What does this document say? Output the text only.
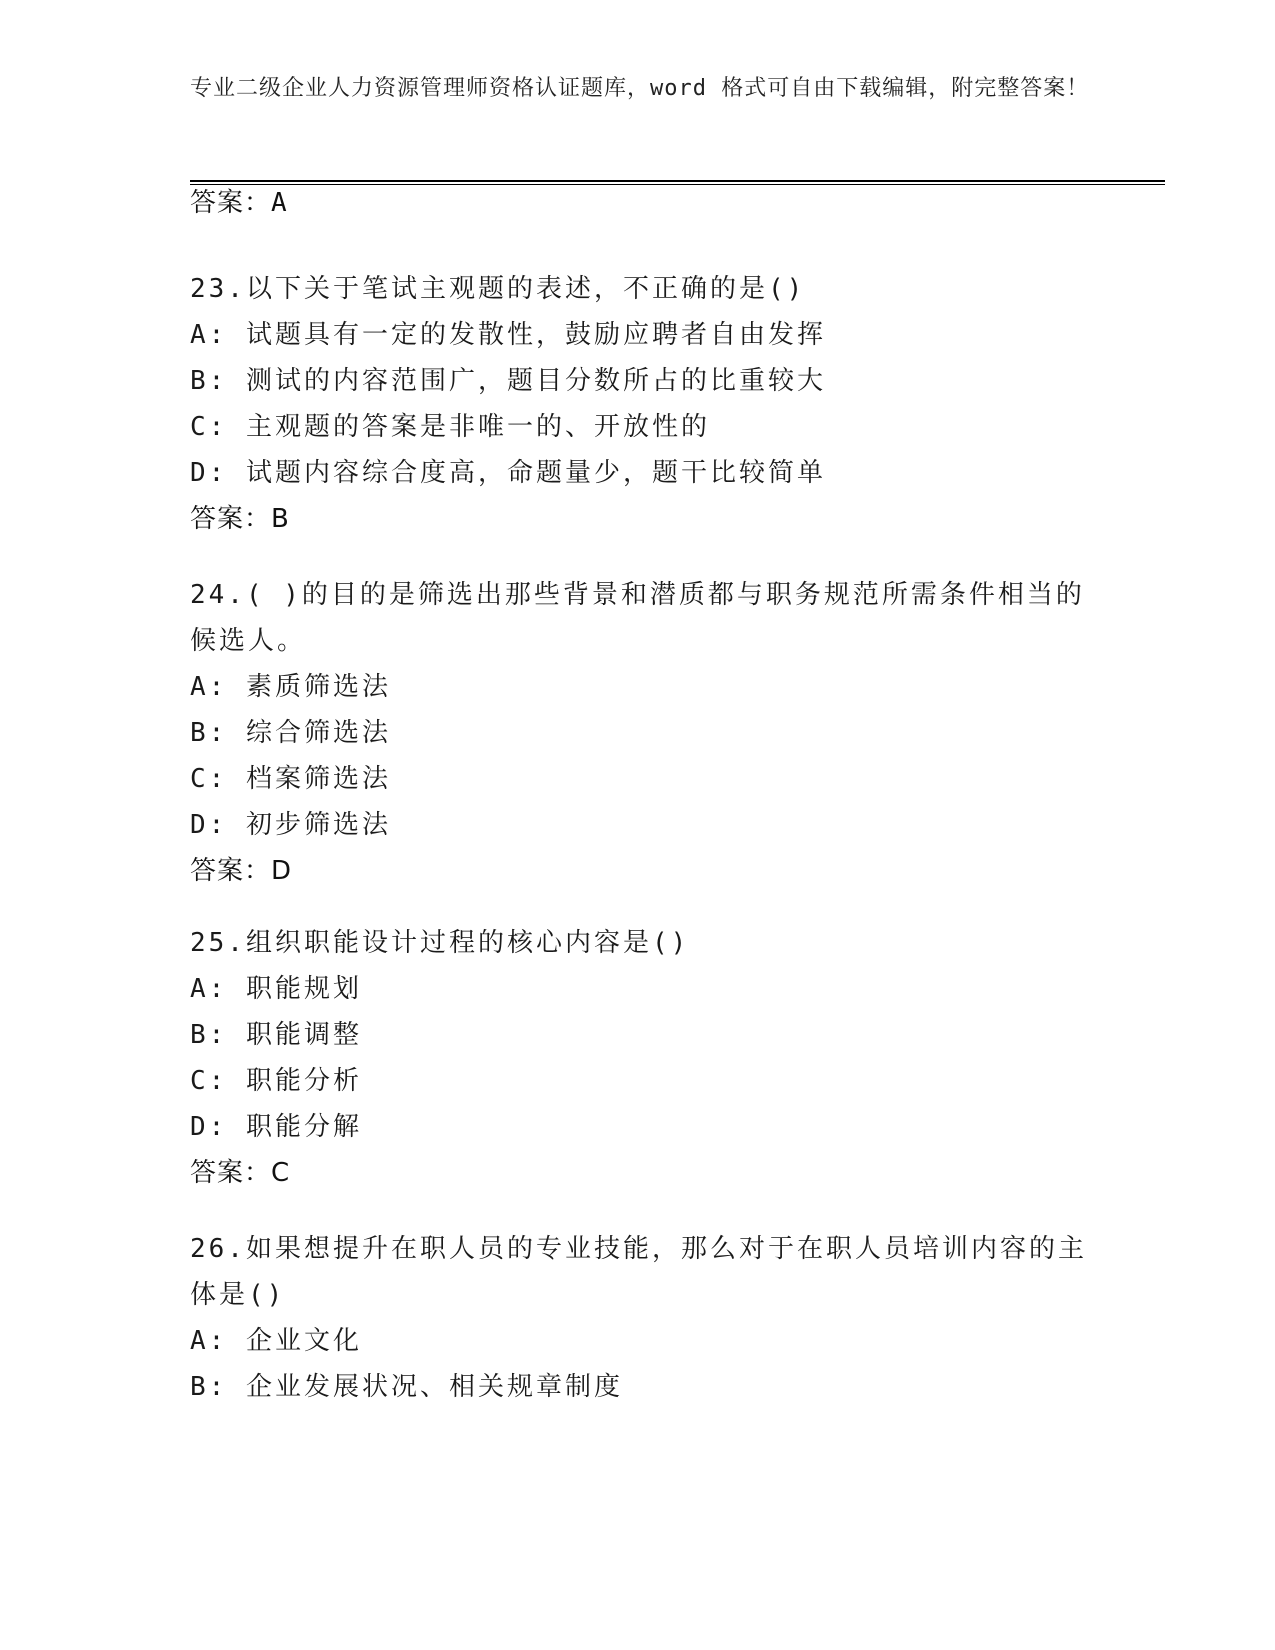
专业二级企业人力资源管理师资格认证题库，word 格式可自由下载编辑，附完整答案！
答案：A
23.以下关于笔试主观题的表述，不正确的是()
A: 试题具有一定的发散性，鼓励应聘者自由发挥
B: 测试的内容范围广，题目分数所占的比重较大
C: 主观题的答案是非唯一的、开放性的
D: 试题内容综合度高，命题量少，题干比较简单
答案：B
24.( )的目的是筛选出那些背景和潜质都与职务规范所需条件相当的候选人。
A: 素质筛选法
B: 综合筛选法
C: 档案筛选法
D: 初步筛选法
答案：D
25.组织职能设计过程的核心内容是()
A: 职能规划
B: 职能调整
C: 职能分析
D: 职能分解
答案：C
26.如果想提升在职人员的专业技能，那么对于在职人员培训内容的主体是()
A: 企业文化
B: 企业发展状况、相关规章制度
